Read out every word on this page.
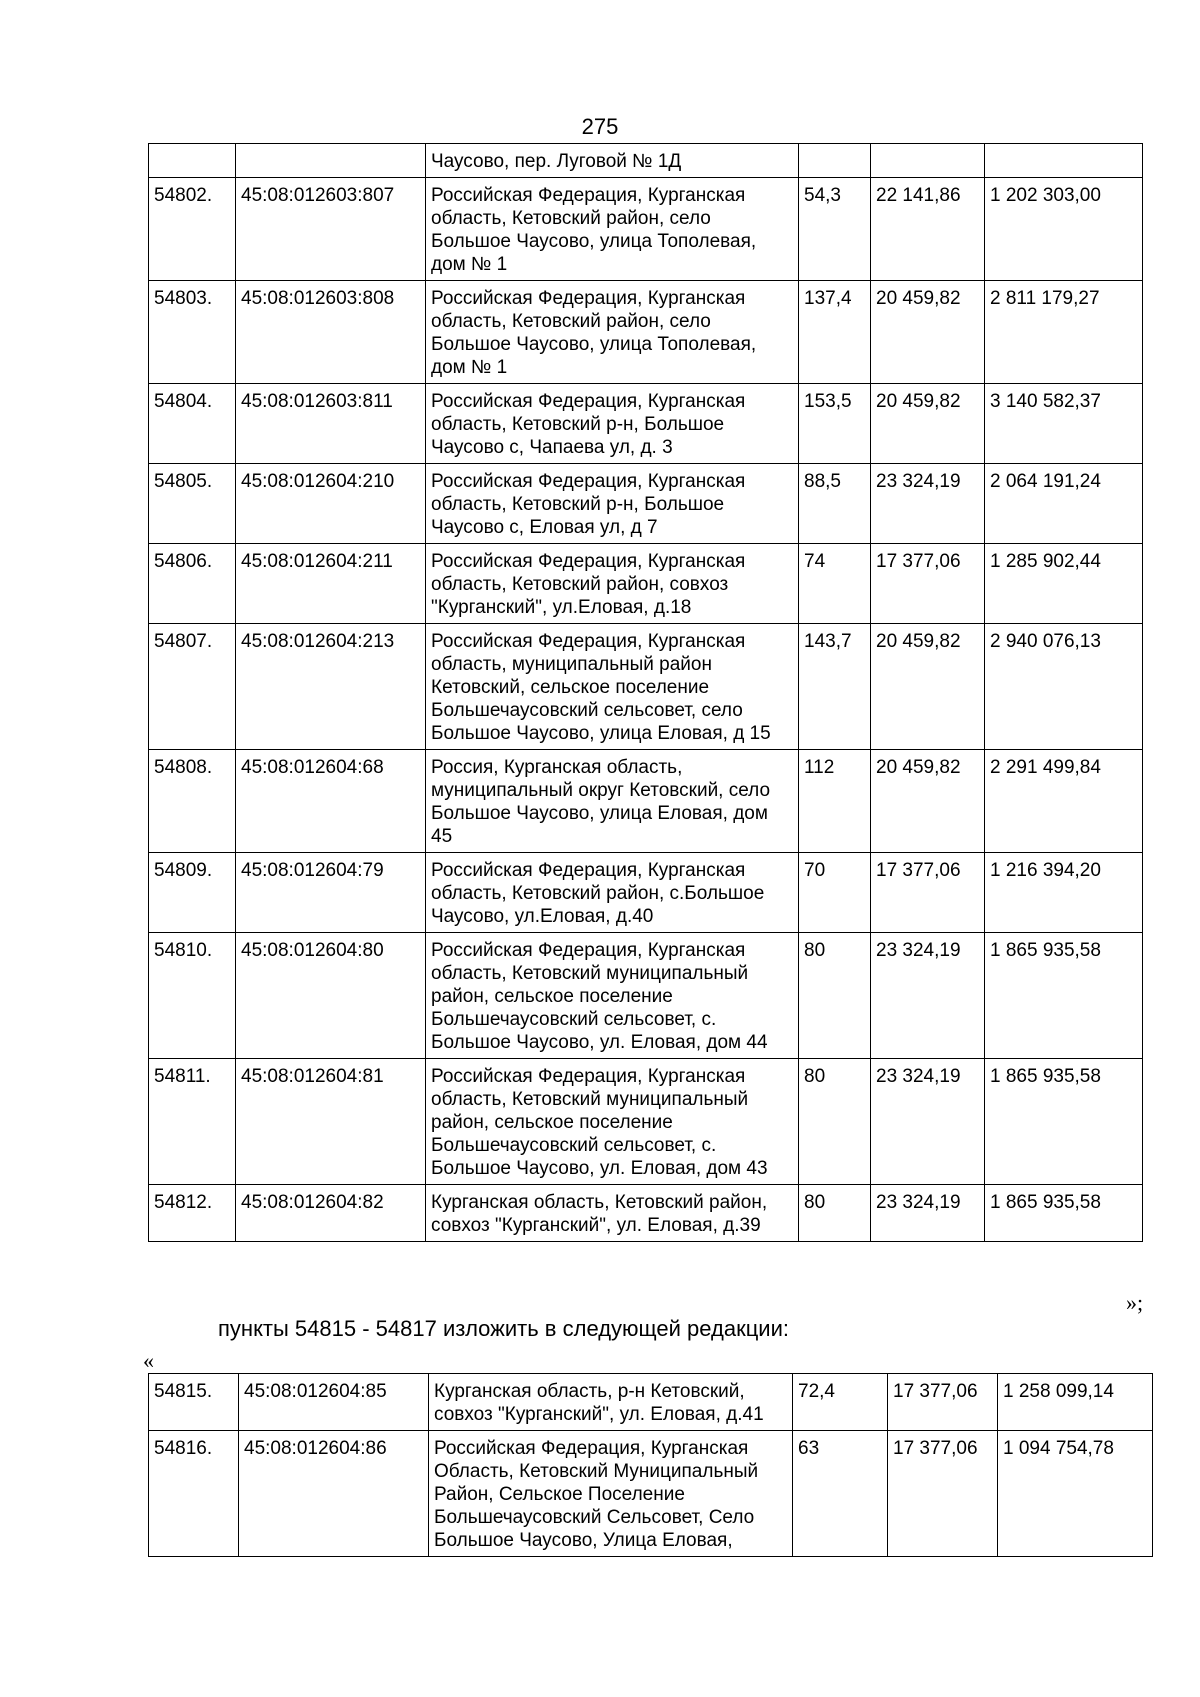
275
		Чаусово, пер. Луговой № 1Д			
54802.	45:08:012603:807	Российская Федерация, Курганская область, Кетовский район, село Большое Чаусово, улица Тополевая, дом № 1	54,3	22 141,86	1 202 303,00
54803.	45:08:012603:808	Российская Федерация, Курганская область, Кетовский район, село Большое Чаусово, улица Тополевая, дом № 1	137,4	20 459,82	2 811 179,27
54804.	45:08:012603:811	Российская Федерация, Курганская область, Кетовский р-н, Большое Чаусово с, Чапаева ул, д. 3	153,5	20 459,82	3 140 582,37
54805.	45:08:012604:210	Российская Федерация, Курганская область, Кетовский р-н, Большое Чаусово с, Еловая ул, д 7	88,5	23 324,19	2 064 191,24
54806.	45:08:012604:211	Российская Федерация, Курганская область, Кетовский район, совхоз "Курганский", ул.Еловая, д.18	74	17 377,06	1 285 902,44
54807.	45:08:012604:213	Российская Федерация, Курганская область, муниципальный район Кетовский, сельское поселение Большечаусовский сельсовет, село Большое Чаусово, улица Еловая, д 15	143,7	20 459,82	2 940 076,13
54808.	45:08:012604:68	Россия, Курганская область, муниципальный округ Кетовский, село Большое Чаусово, улица Еловая, дом 45	112	20 459,82	2 291 499,84
54809.	45:08:012604:79	Российская Федерация, Курганская область, Кетовский район, с.Большое Чаусово, ул.Еловая, д.40	70	17 377,06	1 216 394,20
54810.	45:08:012604:80	Российская Федерация, Курганская область, Кетовский муниципальный район, сельское поселение Большечаусовский сельсовет, с. Большое Чаусово, ул. Еловая, дом 44	80	23 324,19	1 865 935,58
54811.	45:08:012604:81	Российская Федерация, Курганская область, Кетовский муниципальный район, сельское поселение Большечаусовский сельсовет, с. Большое Чаусово, ул. Еловая, дом 43	80	23 324,19	1 865 935,58
54812.	45:08:012604:82	Курганская область, Кетовский район, совхоз "Курганский", ул. Еловая, д.39	80	23 324,19	1 865 935,58
»;
пункты 54815 - 54817 изложить в следующей редакции:
«
54815.	45:08:012604:85	Курганская область, р-н Кетовский, совхоз "Курганский", ул. Еловая, д.41	72,4	17 377,06	1 258 099,14
54816.	45:08:012604:86	Российская Федерация, Курганская Область, Кетовский Муниципальный Район, Сельское Поселение Большечаусовский Сельсовет, Село Большое Чаусово, Улица Еловая,	63	17 377,06	1 094 754,78
